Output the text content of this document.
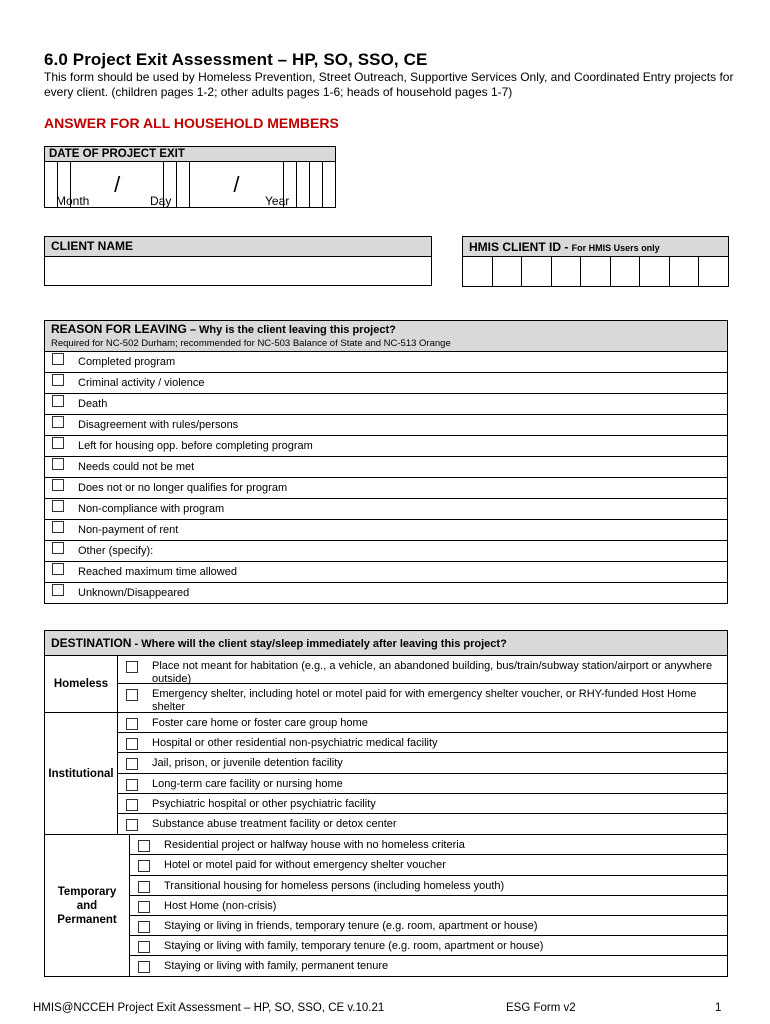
6.0 Project Exit Assessment – HP, SO, SSO, CE
This form should be used by Homeless Prevention, Street Outreach, Supportive Services Only, and Coordinated Entry projects for every client. (children pages 1-2; other adults pages 1-6; heads of household pages 1-7)
ANSWER FOR ALL HOUSEHOLD MEMBERS
DATE OF PROJECT EXIT
		/			/				
Month	Day	Year
CLIENT NAME	HMIS CLIENT ID - For HMIS Users only

REASON FOR LEAVING – Why is the client leaving this project?
Required for NC-502 Durham; recommended for NC-503 Balance of State and NC-513 Orange
Completed program
Criminal activity / violence
Death
Disagreement with rules/persons
Left for housing opp. before completing program
Needs could not be met
Does not or no longer qualifies for program
Non-compliance with program
Non-payment of rent
Other (specify):
Reached maximum time allowed
Unknown/Disappeared
DESTINATION - Where will the client stay/sleep immediately after leaving this project?
Homeless
Place not meant for habitation (e.g., a vehicle, an abandoned building, bus/train/subway station/airport or anywhere outside)
Emergency shelter, including hotel or motel paid for with emergency shelter voucher, or RHY-funded Host Home shelter
Institutional
Foster care home or foster care group home
Hospital or other residential non-psychiatric medical facility
Jail, prison, or juvenile detention facility
Long-term care facility or nursing home
Psychiatric hospital or other psychiatric facility
Substance abuse treatment facility or detox center
Temporary and Permanent
Residential project or halfway house with no homeless criteria
Hotel or motel paid for without emergency shelter voucher
Transitional housing for homeless persons (including homeless youth)
Host Home (non-crisis)
Staying or living in friends, temporary tenure (e.g. room, apartment or house)
Staying or living with family, temporary tenure (e.g. room, apartment or house)
Staying or living with family, permanent tenure
HMIS@NCCEH Project Exit Assessment – HP, SO, SSO, CE v.10.21	ESG Form v2	1
